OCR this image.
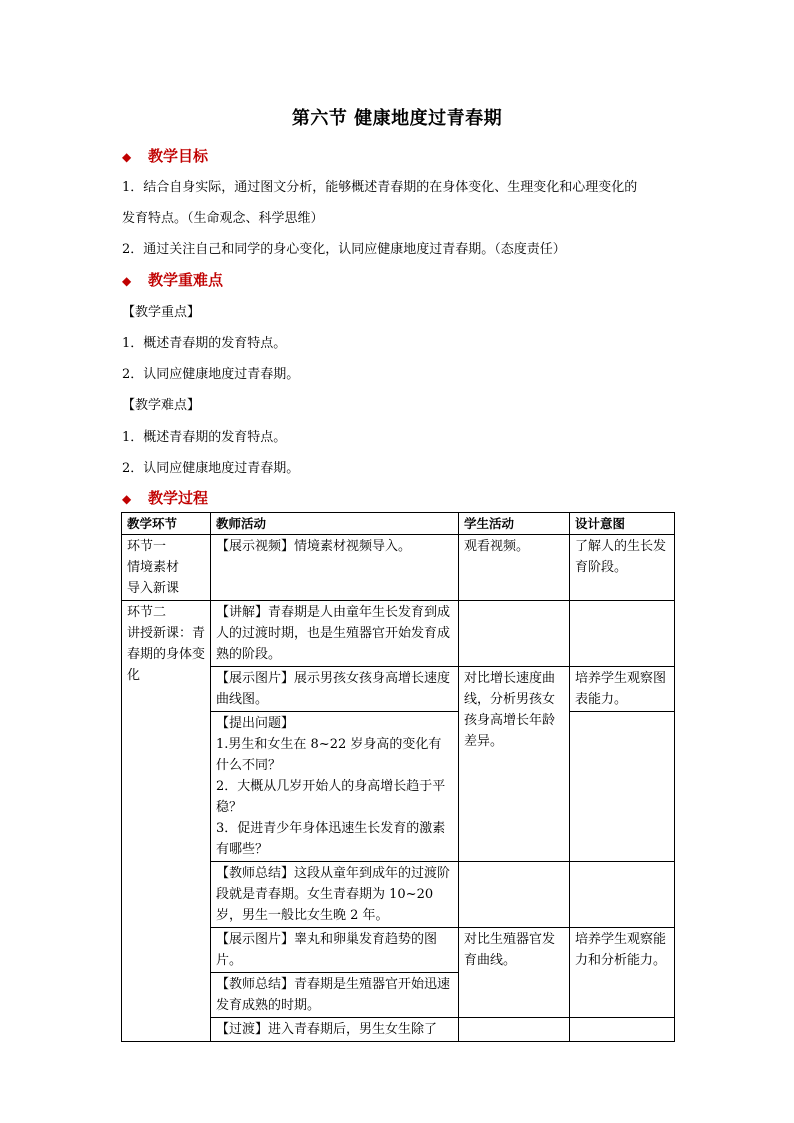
第六节 健康地度过青春期
◆ 教学目标
1．结合自身实际，通过图文分析，能够概述青春期的在身体变化、生理变化和心理变化的
发育特点。（生命观念、科学思维）
2．通过关注自己和同学的身心变化，认同应健康地度过青春期。（态度责任）
◆ 教学重难点
【教学重点】
1．概述青春期的发育特点。
2．认同应健康地度过青春期。
【教学难点】
1．概述青春期的发育特点。
2．认同应健康地度过青春期。
◆ 教学过程
教学环节	教师活动	学生活动	设计意图
环节一
情境素材
导入新课	【展示视频】情境素材视频导入。	观看视频。	了解人的生长发育阶段。
环节二
讲授新课：青春期的身体变化	【讲解】青春期是人由童年生长发育到成人的过渡时期，也是生殖器官开始发育成熟的阶段。		
	【展示图片】展示男孩女孩身高增长速度曲线图。	对比增长速度曲线，分析男孩女孩身高增长年龄差异。	培养学生观察图表能力。
	【提出问题】
1.男生和女生在 8~22 岁身高的变化有什么不同？
2．大概从几岁开始人的身高增长趋于平稳？
3．促进青少年身体迅速生长发育的激素有哪些？		
	【教师总结】这段从童年到成年的过渡阶段就是青春期。女生青春期为 10~20 岁，男生一般比女生晚 2 年。		
	【展示图片】睾丸和卵巢发育趋势的图片。	对比生殖器官发育曲线。	培养学生观察能力和分析能力。
	【教师总结】青春期是生殖器官开始迅速发育成熟的时期。		
	【过渡】进入青春期后，男生女生除了		
